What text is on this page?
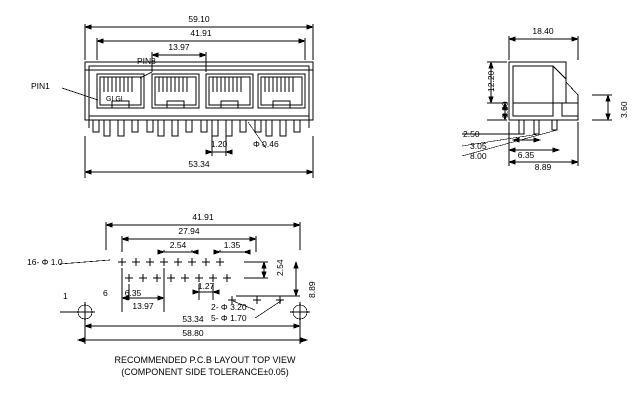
59.10
41.91
13.97
53.34
1.20	Φ 0.46
PIN1
PIN8
GLGI
18.40
12.20
3.80
2.50
3.05
8.00	6.35
8.89
3.60
41.91
27.94
2.54	1.35
2.54
8.89
16- Φ 1.0
1	6 6.35
13.97
1.27
53.34
58.80
2- Φ 3.20
5- Φ 1.70
RECOMMENDED P.C.B LAYOUT TOP VIEW
(COMPONENT SIDE TOLERANCE±0.05)
